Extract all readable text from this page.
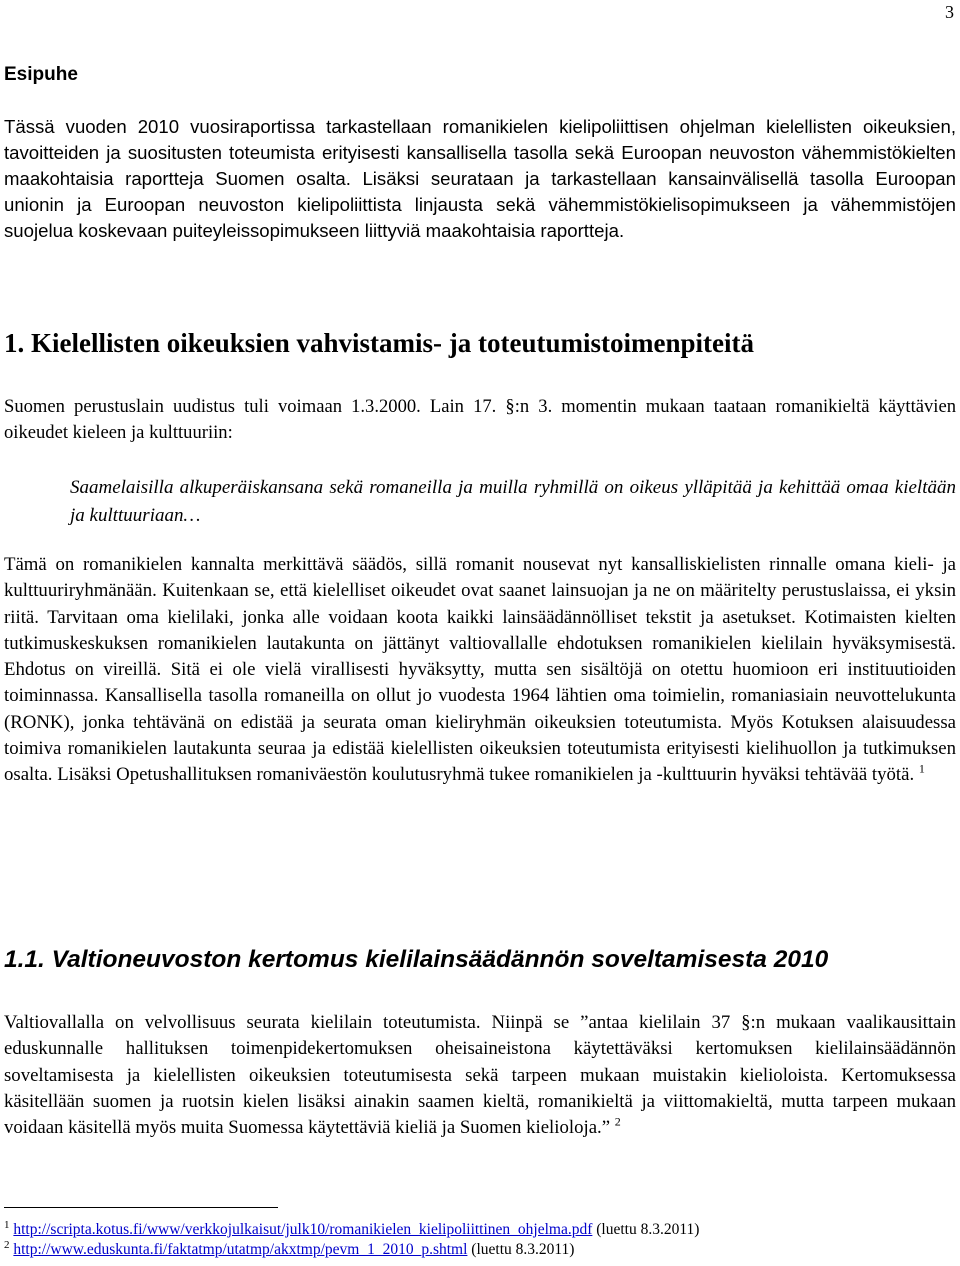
3
Esipuhe
Tässä vuoden 2010 vuosiraportissa tarkastellaan romanikielen kielipoliittisen ohjelman kielellisten oikeuksien, tavoitteiden ja suositusten toteumista erityisesti kansallisella tasolla sekä Euroopan neuvoston vähemmistökielten maakohtaisia raportteja Suomen osalta. Lisäksi seurataan ja tarkastellaan kansainvälisellä tasolla Euroopan unionin ja Euroopan neuvoston kielipoliittista linjausta sekä vähemmistökielisopimukseen ja vähemmistöjen suojelua koskevaan puiteyleissopimukseen liittyviä maakohtaisia raportteja.
1. Kielellisten oikeuksien vahvistamis- ja toteutumistoimenpiteitä
Suomen perustuslain uudistus tuli voimaan 1.3.2000. Lain 17. §:n 3. momentin mukaan taataan romanikieltä käyttävien oikeudet kieleen ja kulttuuriin:
Saamelaisilla alkuperäiskansana sekä romaneilla ja muilla ryhmillä on oikeus ylläpitää ja kehittää omaa kieltään ja kulttuuriaan…
Tämä on romanikielen kannalta merkittävä säädös, sillä romanit nousevat nyt kansalliskielisten rinnalle omana kieli- ja kulttuuriryhmänään. Kuitenkaan se, että kielelliset oikeudet ovat saanet lainsuojan ja ne on määritelty perustuslaissa, ei yksin riitä. Tarvitaan oma kielilaki, jonka alle voidaan koota kaikki lainsäädännölliset tekstit ja asetukset. Kotimaisten kielten tutkimuskeskuksen romanikielen lautakunta on jättänyt valtiovallalle ehdotuksen romanikielen kielilain hyväksymisestä. Ehdotus on vireillä. Sitä ei ole vielä virallisesti hyväksytty, mutta sen sisältöjä on otettu huomioon eri instituutioiden toiminnassa. Kansallisella tasolla romaneilla on ollut jo vuodesta 1964 lähtien oma toimielin, romaniasiain neuvottelukunta (RONK), jonka tehtävänä on edistää ja seurata oman kieliryhmän oikeuksien toteutumista. Myös Kotuksen alaisuudessa toimiva romanikielen lautakunta seuraa ja edistää kielellisten oikeuksien toteutumista erityisesti kielihuollon ja tutkimuksen osalta. Lisäksi Opetushallituksen romaniväestön koulutusryhmä tukee romanikielen ja -kulttuurin hyväksi tehtävää työtä. $^1$
1.1. Valtioneuvoston kertomus kielilainsäädännön soveltamisesta 2010
Valtiovallalla on velvollisuus seurata kielilain toteutumista. Niinpä se ”antaa kielilain 37 §:n mukaan vaalikausittain eduskunnalle hallituksen toimenpidekertomuksen oheisaineistona käytettäväksi kertomuksen kielilainsäädännön soveltamisesta ja kielellisten oikeuksien toteutumisesta sekä tarpeen mukaan muistakin kielioloista. Kertomuksessa käsitellään suomen ja ruotsin kielen lisäksi ainakin saamen kieltä, romanikieltä ja viittomakieltä, mutta tarpeen mukaan voidaan käsitellä myös muita Suomessa käytettäviä kieliä ja Suomen kielioloja.” $^2$
$^1$ http://scripta.kotus.fi/www/verkkojulkaisut/julk10/romanikielen_kielipoliittinen_ohjelma.pdf (luettu 8.3.2011)
$^2$ http://www.eduskunta.fi/faktatmp/utatmp/akxtmp/pevm_1_2010_p.shtml (luettu 8.3.2011)
